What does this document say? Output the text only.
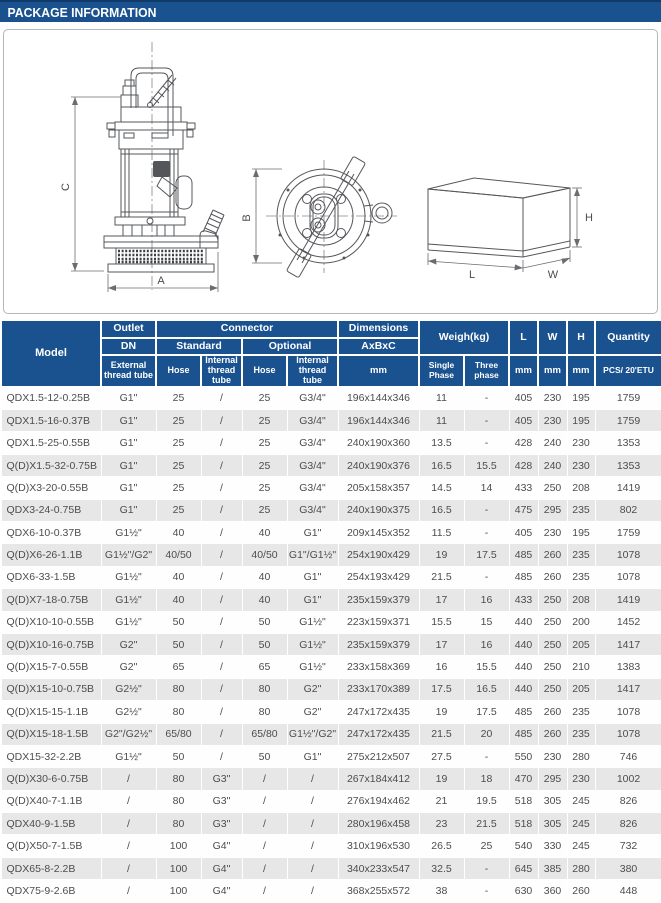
PACKAGE INFORMATION
C
A
B
L	W
H
Model	Outlet	Connector				Dimensions	Weigh(kg)		L	W	H	Quantity
	DN	Standard		Optional		AxBxC						
	External thread tube	Hose	Internal thread tube	Hose	Internal thread tube	mm	Single Phase	Three phase	mm	mm	mm	PCS/ 20'ETU
QDX1.5-12-0.25B	G1"	25	/	25	G3/4"	196x144x346	11	-	405	230	195	1759
QDX1.5-16-0.37B	G1"	25	/	25	G3/4"	196x144x346	11	-	405	230	195	1759
QDX1.5-25-0.55B	G1"	25	/	25	G3/4"	240x190x360	13.5	-	428	240	230	1353
Q(D)X1.5-32-0.75B	G1"	25	/	25	G3/4"	240x190x376	16.5	15.5	428	240	230	1353
Q(D)X3-20-0.55B	G1"	25	/	25	G3/4"	205x158x357	14.5	14	433	250	208	1419
QDX3-24-0.75B	G1"	25	/	25	G3/4"	240x190x375	16.5	-	475	295	235	802
QDX6-10-0.37B	G1½"	40	/	40	G1"	209x145x352	11.5	-	405	230	195	1759
Q(D)X6-26-1.1B	G1½"/G2"	40/50	/	40/50	G1"/G1½"	254x190x429	19	17.5	485	260	235	1078
QDX6-33-1.5B	G1½"	40	/	40	G1"	254x193x429	21.5	-	485	260	235	1078
Q(D)X7-18-0.75B	G1½"	40	/	40	G1"	235x159x379	17	16	433	250	208	1419
Q(D)X10-10-0.55B	G1½"	50	/	50	G1½"	223x159x371	15.5	15	440	250	200	1452
Q(D)X10-16-0.75B	G2"	50	/	50	G1½"	235x159x379	17	16	440	250	205	1417
Q(D)X15-7-0.55B	G2"	65	/	65	G1½"	233x158x369	16	15.5	440	250	210	1383
Q(D)X15-10-0.75B	G2½"	80	/	80	G2"	233x170x389	17.5	16.5	440	250	205	1417
Q(D)X15-15-1.1B	G2½"	80	/	80	G2"	247x172x435	19	17.5	485	260	235	1078
Q(D)X15-18-1.5B	G2"/G2½"	65/80	/	65/80	G1½"/G2"	247x172x435	21.5	20	485	260	235	1078
QDX15-32-2.2B	G1½"	50	/	50	G1"	275x212x507	27.5	-	550	230	280	746
Q(D)X30-6-0.75B	/	80	G3"	/	/	267x184x412	19	18	470	295	230	1002
Q(D)X40-7-1.1B	/	80	G3"	/	/	276x194x462	21	19.5	518	305	245	826
QDX40-9-1.5B	/	80	G3"	/	/	280x196x458	23	21.5	518	305	245	826
Q(D)X50-7-1.5B	/	100	G4"	/	/	310x196x530	26.5	25	540	330	245	732
QDX65-8-2.2B	/	100	G4"	/	/	340x233x547	32.5	-	645	385	280	380
QDX75-9-2.6B	/	100	G4"	/	/	368x255x572	38	-	630	360	260	448
